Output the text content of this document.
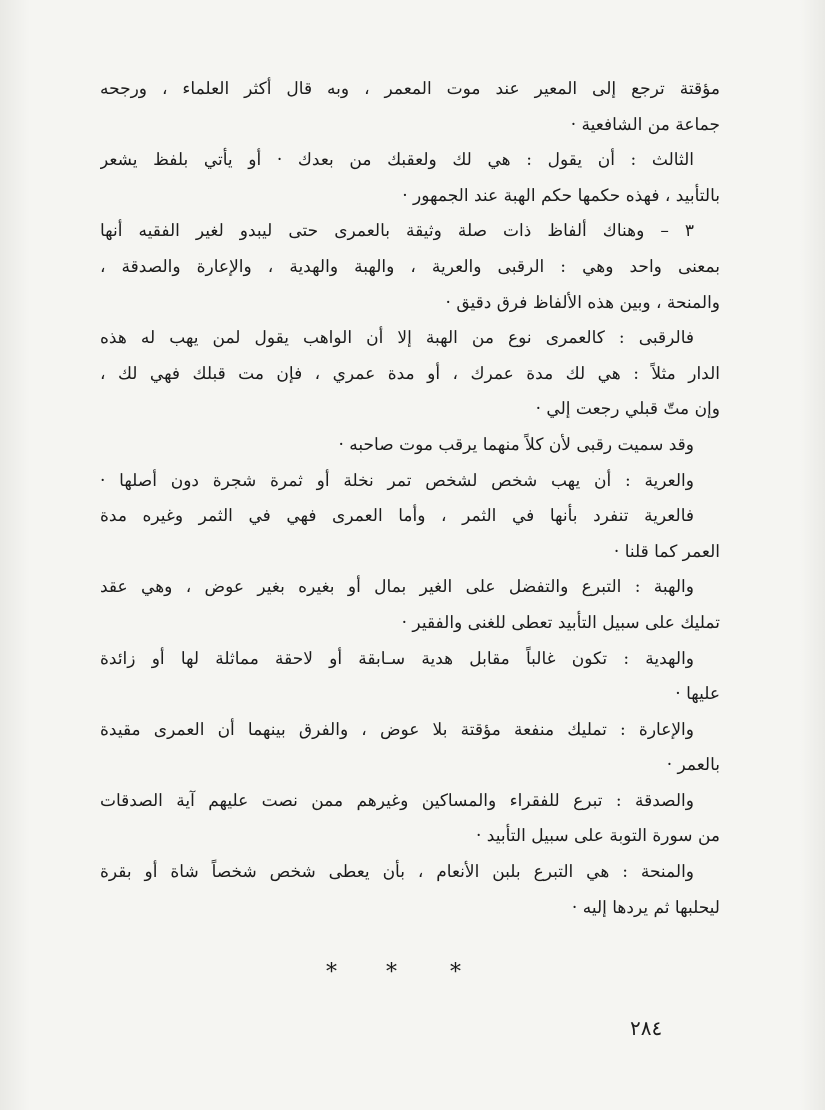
مؤقتة ترجع إلى المعير عند موت المعمر ، وبه قال أكثر العلماء ، ورجحه
جماعة من الشافعية ·
الثالث : أن يقول : هي لك ولعقبك من بعدك · أو يأتي بلفظ يشعر
بالتأبيد ، فهذه حكمها حكم الهبة عند الجمهور ·
٣ – وهناك ألفاظ ذات صلة وثيقة بالعمرى حتى ليبدو لغير الفقيه أنها
بمعنى واحد وهي : الرقبى والعرية ، والهبة والهدية ، والإعارة والصدقة ،
والمنحة ، وبين هذه الألفاظ فرق دقيق ·
فالرقبى : كالعمرى نوع من الهبة إلا أن الواهب يقول لمن يهب له هذه
الدار مثلاً : هي لك مدة عمرك ، أو مدة عمري ، فإن مت قبلك فهي لك ،
وإن متّ قبلي رجعت إلي ·
وقد سميت رقبى لأن كلاً منهما يرقب موت صاحبه ·
والعرية : أن يهب شخص لشخص تمر نخلة أو ثمرة شجرة دون أصلها ·
فالعرية تنفرد بأنها في الثمر ، وأما العمرى فهي في الثمر وغيره مدة
العمر كما قلنا ·
والهبة : التبرع والتفضل على الغير بمال أو بغيره بغير عوض ، وهي عقد
تمليك على سبيل التأبيد تعطى للغنى والفقير ·
والهدية : تكون غالباً مقابل هدية سـابقة أو لاحقة مماثلة لها أو زائدة
عليها ·
والإعارة : تمليك منفعة مؤقتة بلا عوض ، والفرق بينهما أن العمرى مقيدة
بالعمر ·
والصدقة : تبرع للفقراء والمساكين وغيرهم ممن نصت عليهم آية الصدقات
من سورة التوبة على سبيل التأبيد ·
والمنحة : هي التبرع بلبن الأنعام ، بأن يعطى شخص شخصاً شاة أو بقرة
ليحلبها ثم يردها إليه ·
* * *
٢٨٤
